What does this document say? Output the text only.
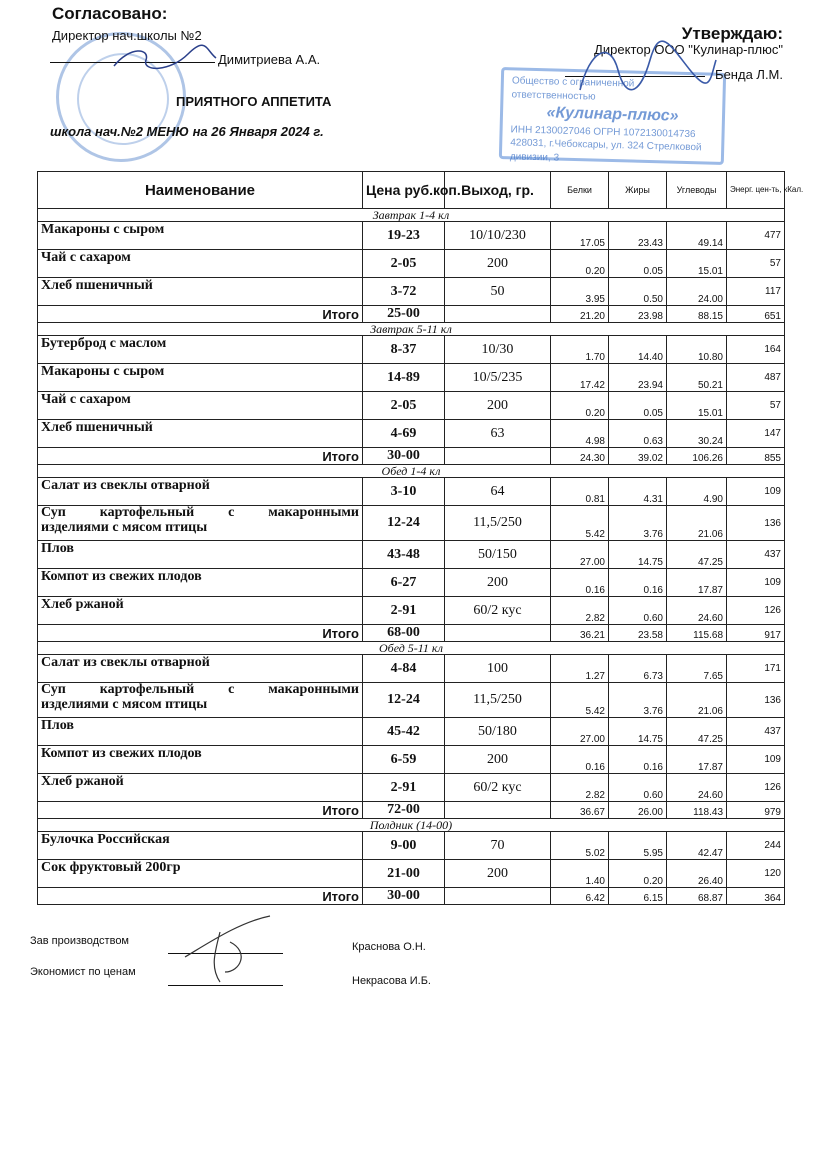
Согласовано:
Директор нач.школы №2
Димитриева А.А.
Общество с ограниченной ответственностью
«Кулинар-плюс»
ИНН 2130027046 ОГРН 1072130014736
428031, г.Чебоксары, ул. 324 Стрелковой дивизии, 3
Утверждаю:
Директор ООО "Кулинар-плюс"
Бенда Л.М.
ПРИЯТНОГО АППЕТИТА
школа нач.№2 МЕНЮ на 26 Января 2024 г.
Наименование	Цена руб.коп.	Выход, гр.	Белки	Жиры	Углеводы	Энерг. цен-ть, кКал.
Завтрак 1-4 кл						
Макароны с сыром	19-23	10/10/230	17.05	23.43	49.14	477
Чай с сахаром	2-05	200	0.20	0.05	15.01	57
Хлеб пшеничный	3-72	50	3.95	0.50	24.00	117
Итого	25-00		21.20	23.98	88.15	651
Завтрак 5-11 кл						
Бутерброд с маслом	8-37	10/30	1.70	14.40	10.80	164
Макароны с сыром	14-89	10/5/235	17.42	23.94	50.21	487
Чай с сахаром	2-05	200	0.20	0.05	15.01	57
Хлеб пшеничный	4-69	63	4.98	0.63	30.24	147
Итого	30-00		24.30	39.02	106.26	855
Обед 1-4 кл						
Салат из свеклы отварной	3-10	64	0.81	4.31	4.90	109

Суп картофельный с макаронными
изделиями с мясом птицы	12-24	11,5/250	5.42	3.76	21.06	136
Плов	43-48	50/150	27.00	14.75	47.25	437
Компот из свежих плодов	6-27	200	0.16	0.16	17.87	109
Хлеб ржаной	2-91	60/2 кус	2.82	0.60	24.60	126
Итого	68-00		36.21	23.58	115.68	917
Обед 5-11 кл						
Салат из свеклы отварной	4-84	100	1.27	6.73	7.65	171

Суп картофельный с макаронными
изделиями с мясом птицы	12-24	11,5/250	5.42	3.76	21.06	136
Плов	45-42	50/180	27.00	14.75	47.25	437
Компот из свежих плодов	6-59	200	0.16	0.16	17.87	109
Хлеб ржаной	2-91	60/2 кус	2.82	0.60	24.60	126
Итого	72-00		36.67	26.00	118.43	979
Полдник (14-00)						
Булочка Российская	9-00	70	5.02	5.95	42.47	244
Сок фруктовый 200гр	21-00	200	1.40	0.20	26.40	120
Итого	30-00		6.42	6.15	68.87	364
Зав производством	Краснова О.Н.
Экономист по ценам
Некрасова И.Б.
